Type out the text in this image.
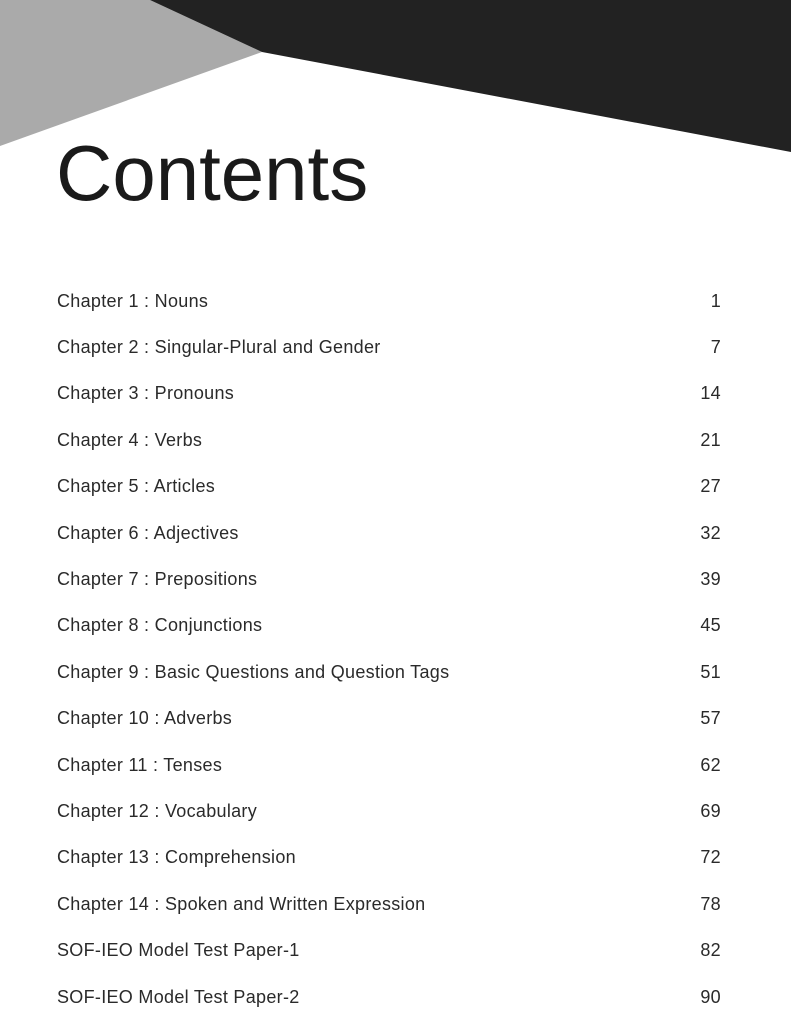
Contents
Chapter 1 : Nouns	1
Chapter 2 : Singular-Plural and Gender	7
Chapter 3 : Pronouns	14
Chapter 4 : Verbs	21
Chapter 5 : Articles	27
Chapter 6 : Adjectives	32
Chapter 7 : Prepositions	39
Chapter 8 : Conjunctions	45
Chapter 9 : Basic Questions and Question Tags	51
Chapter 10 : Adverbs	57
Chapter 11 : Tenses	62
Chapter 12 : Vocabulary	69
Chapter 13 : Comprehension	72
Chapter 14 : Spoken and Written Expression	78
SOF-IEO Model Test Paper-1	82
SOF-IEO Model Test Paper-2	90
